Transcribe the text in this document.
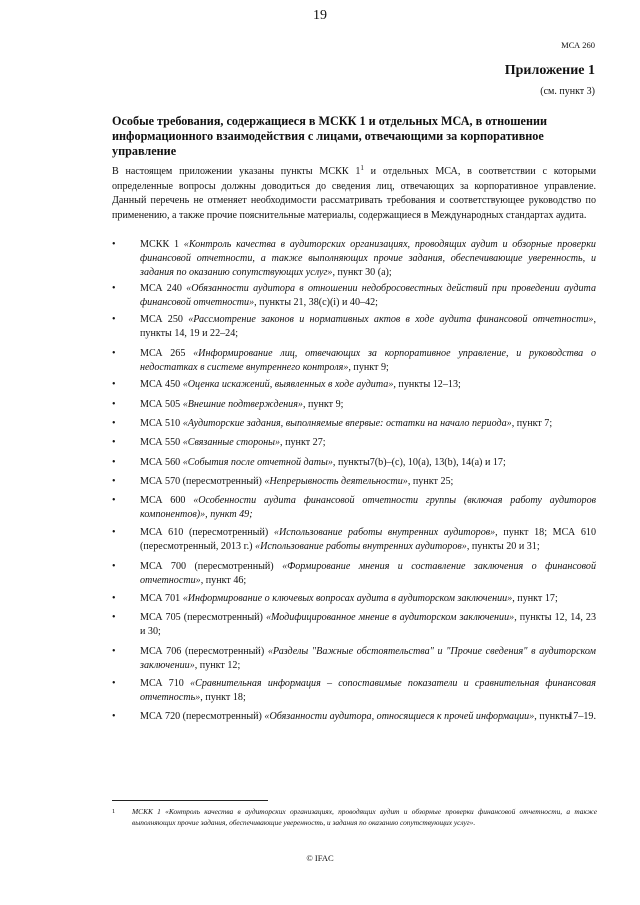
19
МСА 260
Приложение 1
(см. пункт 3)
Особые требования, содержащиеся в МСКК 1 и отдельных МСА, в отношении информационного взаимодействия с лицами, отвечающими за корпоративное управление

В настоящем приложении указаны пункты МСКК $1^1$ и отдельных МСА, в соответствии с которыми определенные вопросы должны доводиться до сведения лиц, отвечающих за корпоративное управление. Данный перечень не отменяет необходимости рассматривать требования и соответствующее руководство по применению, а также прочие пояснительные материалы, содержащиеся в Международных стандартах аудита.

• МСКК 1 «Контроль качества в аудиторских организациях, проводящих аудит и обзорные проверки финансовой отчетности, а также выполняющих прочие задания, обеспечивающие уверенность, и задания по оказанию сопутствующих услуг», пункт 30 (a);
• МСА 240 «Обязанности аудитора в отношении недобросовестных действий при проведении аудита финансовой отчетности», пункты 21, 38(c)(i) и 40–42;
• МСА 250 «Рассмотрение законов и нормативных актов в ходе аудита финансовой отчетности», пункты 14, 19 и 22–24;
• МСА 265 «Информирование лиц, отвечающих за корпоративное управление, и руководства о недостатках в системе внутреннего контроля», пункт 9;
• МСА 450 «Оценка искажений, выявленных в ходе аудита», пункты 12–13;
• МСА 505 «Внешние подтверждения», пункт 9;
• МСА 510 «Аудиторские задания, выполняемые впервые: остатки на начало периода», пункт 7;
• МСА 550 «Связанные стороны», пункт 27;
• МСА 560 «События после отчетной даты», пункты7(b)–(c), 10(a), 13(b), 14(a) и 17;
• МСА 570 (пересмотренный) «Непрерывность деятельности», пункт 25;
• МСА 600 «Особенности аудита финансовой отчетности группы (включая работу аудиторов компонентов)», пункт 49;
• МСА 610 (пересмотренный) «Использование работы внутренних аудиторов», пункт 18; МСА 610 (пересмотренный, 2013 г.) «Использование работы внутренних аудиторов», пункты 20 и 31;
• МСА 700 (пересмотренный) «Формирование мнения и составление заключения о финансовой отчетности», пункт 46;
• МСА 701 «Информирование о ключевых вопросах аудита в аудиторском заключении», пункт 17;
• МСА 705 (пересмотренный) «Модифицированное мнение в аудиторском заключении», пункты 12, 14, 23 и 30;
• МСА 706 (пересмотренный) «Разделы "Важные обстоятельства" и "Прочие сведения" в аудиторском заключении», пункт 12;
• МСА 710 «Сравнительная информация – сопоставимые показатели и сравнительная финансовая отчетность», пункт 18;
• МСА 720 (пересмотренный) «Обязанности аудитора, относящиеся к прочей информации», пункты
17–19.
1 МСКК 1 «Контроль качества в аудиторских организациях, проводящих аудит и обзорные проверки финансовой отчетности, а также выполняющих прочие задания, обеспечивающие уверенность, и задания по оказанию сопутствующих услуг».
© IFAC
